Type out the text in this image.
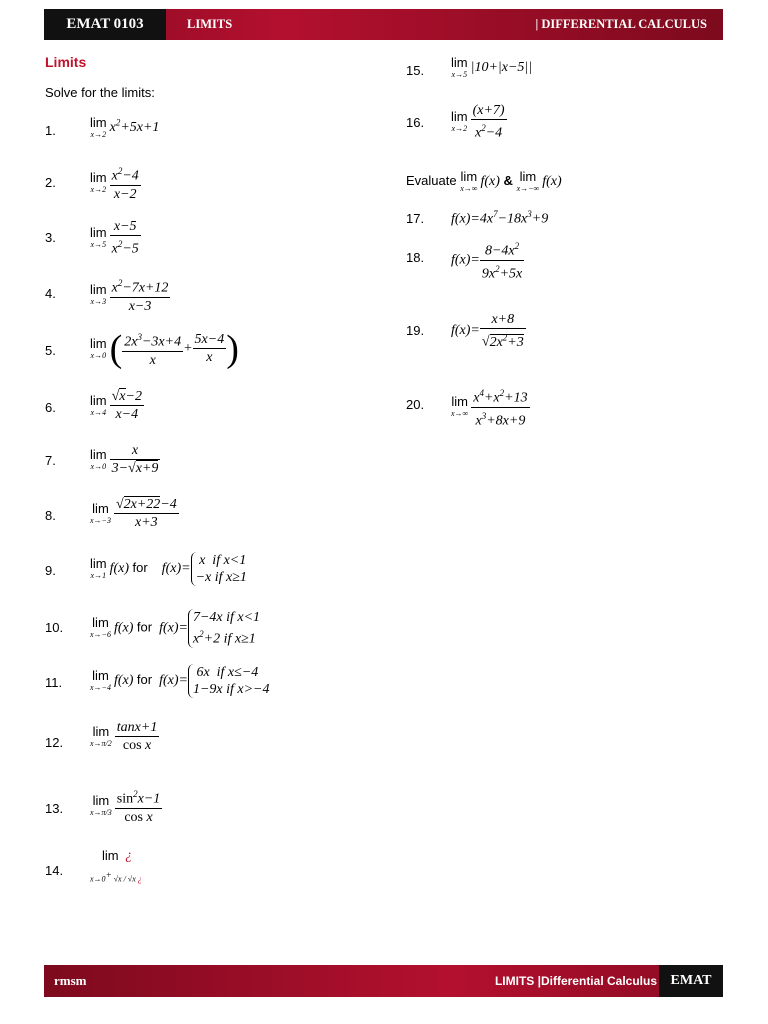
EMAT 0103	LIMITS	| DIFFERENTIAL CALCULUS
Limits
Solve for the limits:
1.
lim
x→2 $x^2+5x+1$
2.	lim
$x\to 2 \frac{x^2-4}{x-2}$
3.	lim
$x\to 5 \frac{x-5}{x^2-5}$
4.	lim
$x\to 3 \frac{x^2-7x+12}{x-3}$
5.	lim
x→0 ( $\frac{2x^3-3x+4}{x} + \frac{5x-4}{x}$ )
6.	lim
$x\to 4 \frac{√x-2}{x-4}$
7.	lim
$x\to 0 \frac{x}{3-√x+9}$
8.	lim
$x\to-3 \frac{√2x+22-4}{x+3}$
9.	lim
x→1 f(x) for    f(x)=
x  if x<1
−x if x≥1
10. lim
x→−6 f(x) for  f(x)=
7−4x if x<1
$x^2+2$ if x≥1
11. lim
x→−4 f(x) for  f(x)=
6x  if x≤−4
1−9x if x>−4
12.
lim
$x\to\pi/2 \frac{\tan x+1}{\text{cos x}}$
13.
lim
$x\to\pi/3 \frac{\sin^2x-1}{\text{cos x}}$
14.
lim ¿
x→0+ √x / √x ¿
15.
lim
x→5 |10+|x−5||
16. lim
$x\to 2 \frac{(x+7)}{x^2-4}$
Evaluate lim
x→∞ f(x) & lim
x→−∞ f(x)
17. $f(x)=4x^7-18x^3+9$
18. $f(x)= \frac{8-4x^2}{9x^2+5x}$
19. $f(x)= \frac{x+8}{√2x^2+3}$
20. lim
$x\to\infty \frac{x^4+x^2+13}{x^3+8x+9}$
rmsm	LIMITS |Differential Calculus EMAT
